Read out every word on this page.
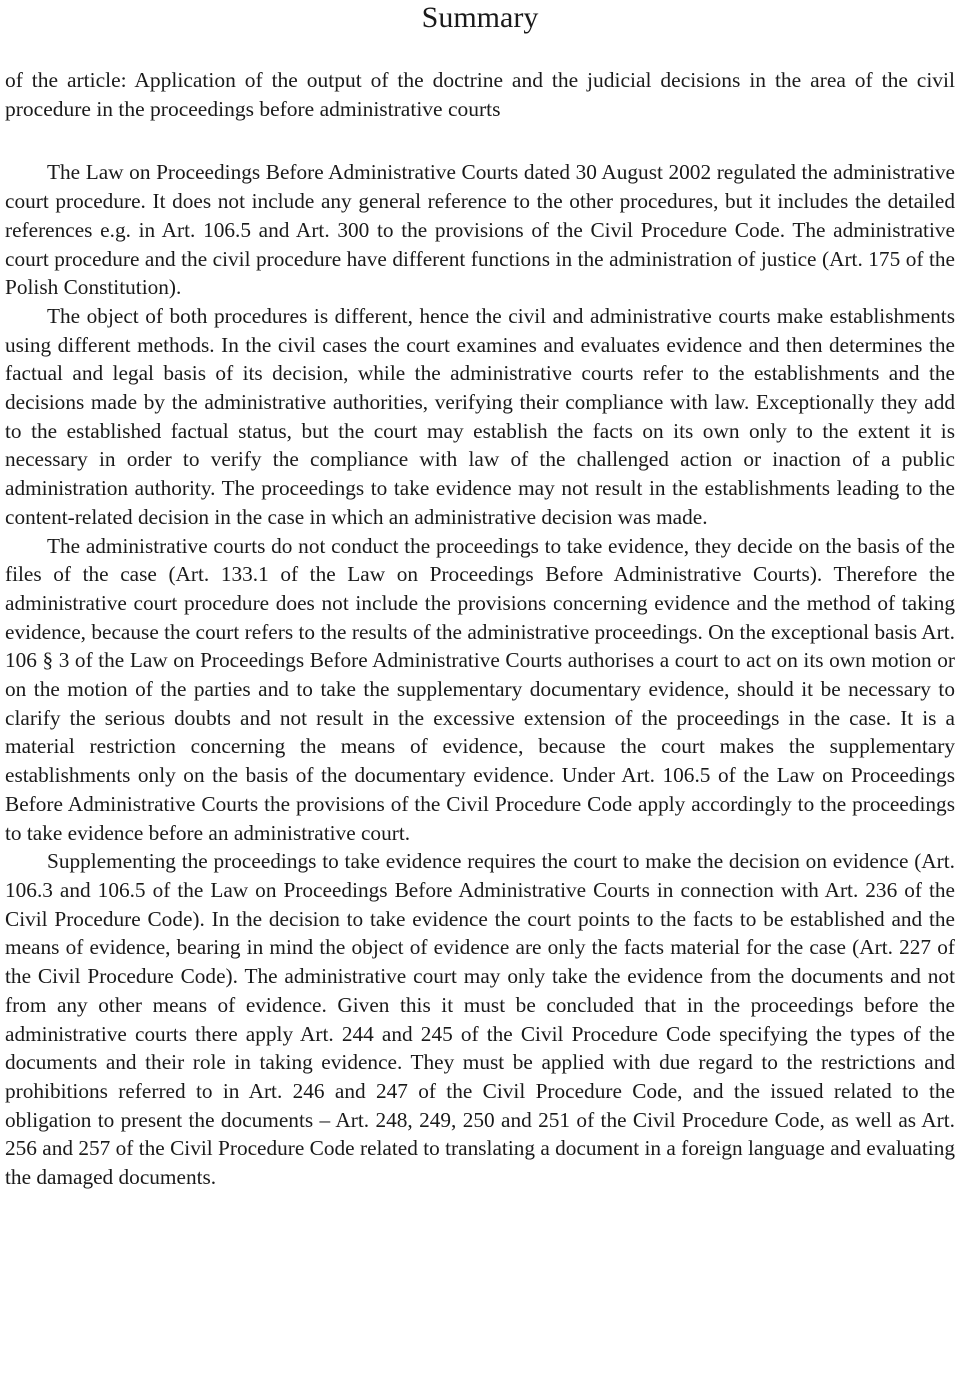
Summary
of the article: Application of the output of the doctrine and the judicial decisions in the area of the civil procedure in the proceedings before administrative courts

The Law on Proceedings Before Administrative Courts dated 30 August 2002 regulated the administrative court procedure. It does not include any general reference to the other procedures, but it includes the detailed references e.g. in Art. 106.5 and Art. 300 to the provisions of the Civil Procedure Code. The administrative court procedure and the civil procedure have different functions in the administration of justice (Art. 175 of the Polish Constitution).

The object of both procedures is different, hence the civil and administrative courts make establishments using different methods. In the civil cases the court examines and evaluates evidence and then determines the factual and legal basis of its decision, while the administrative courts refer to the establishments and the decisions made by the administrative authorities, verifying their compliance with law. Exceptionally they add to the established factual status, but the court may establish the facts on its own only to the extent it is necessary in order to verify the compliance with law of the challenged action or inaction of a public administration authority. The proceedings to take evidence may not result in the establishments leading to the content-related decision in the case in which an administrative decision was made.

The administrative courts do not conduct the proceedings to take evidence, they decide on the basis of the files of the case (Art. 133.1 of the Law on Proceedings Before Administrative Courts). Therefore the administrative court procedure does not include the provisions concerning evidence and the method of taking evidence, because the court refers to the results of the administrative proceedings. On the exceptional basis Art. 106 § 3 of the Law on Proceedings Before Administrative Courts authorises a court to act on its own motion or on the motion of the parties and to take the supplementary documentary evidence, should it be necessary to clarify the serious doubts and not result in the excessive extension of the proceedings in the case. It is a material restriction concerning the means of evidence, because the court makes the supplementary establishments only on the basis of the documentary evidence. Under Art. 106.5 of the Law on Proceedings Before Administrative Courts the provisions of the Civil Procedure Code apply accordingly to the proceedings to take evidence before an administrative court.

Supplementing the proceedings to take evidence requires the court to make the decision on evidence (Art. 106.3 and 106.5 of the Law on Proceedings Before Administrative Courts in connection with Art. 236 of the Civil Procedure Code). In the decision to take evidence the court points to the facts to be established and the means of evidence, bearing in mind the object of evidence are only the facts material for the case (Art. 227 of the Civil Procedure Code). The administrative court may only take the evidence from the documents and not from any other means of evidence. Given this it must be concluded that in the proceedings before the administrative courts there apply Art. 244 and 245 of the Civil Procedure Code specifying the types of the documents and their role in taking evidence. They must be applied with due regard to the restrictions and prohibitions referred to in Art. 246 and 247 of the Civil Procedure Code, and the issued related to the obligation to present the documents – Art. 248, 249, 250 and 251 of the Civil Procedure Code, as well as Art. 256 and 257 of the Civil Procedure Code related to translating a document in a foreign language and evaluating the damaged documents.
